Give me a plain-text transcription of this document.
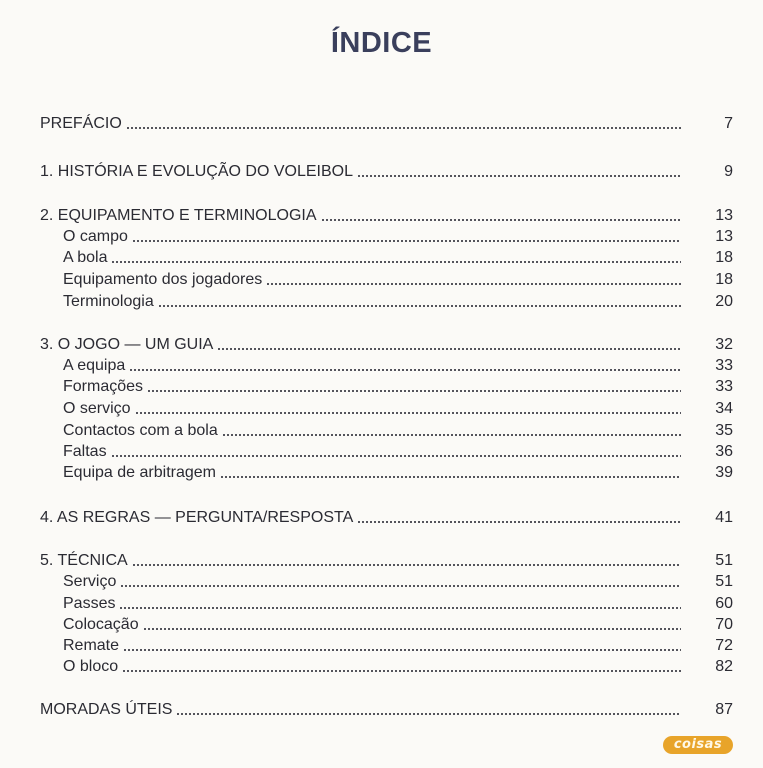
ÍNDICE
PREFÁCIO	7
1. HISTÓRIA E EVOLUÇÃO DO VOLEIBOL	9
2. EQUIPAMENTO E TERMINOLOGIA	13
O campo	13
A bola	18
Equipamento dos jogadores	18
Terminologia	20
3. O JOGO — UM GUIA	32
A equipa	33
Formações	33
O serviço	34
Contactos com a bola	35
Faltas	36
Equipa de arbitragem	39
4. AS REGRAS — PERGUNTA/RESPOSTA	41
5. TÉCNICA	51
Serviço	51
Passes	60
Colocação	70
Remate	72
O bloco	82
MORADAS ÚTEIS	87
coisas
